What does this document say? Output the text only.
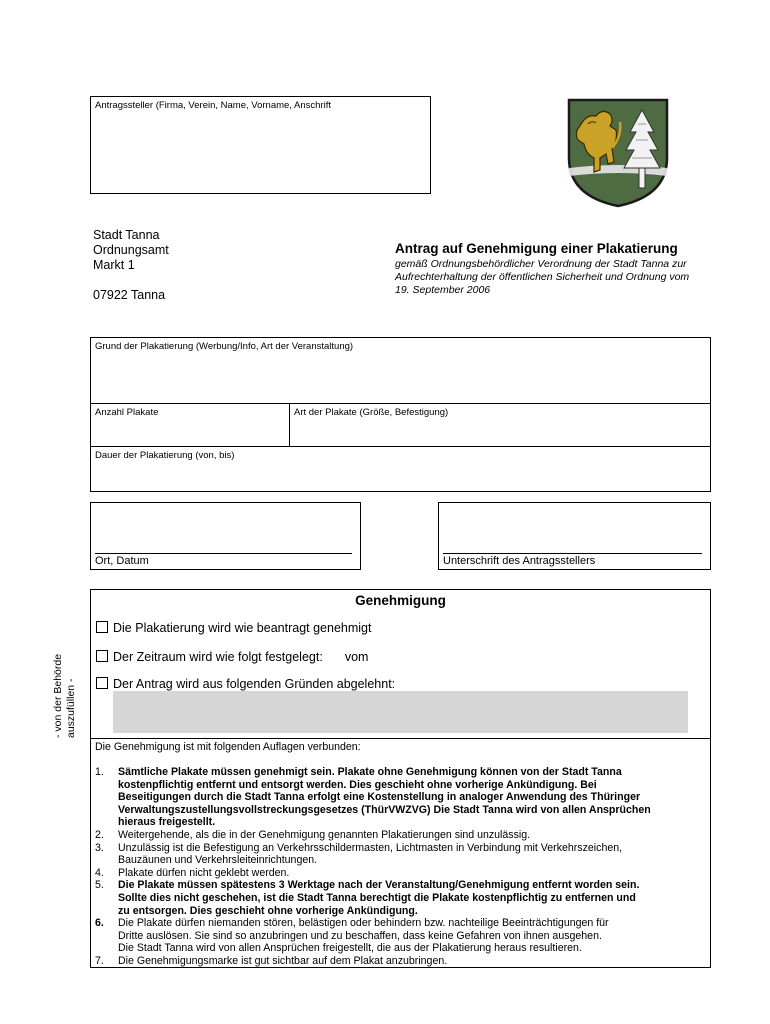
Antragssteller (Firma, Verein, Name, Vorname, Anschrift
Stadt Tanna
Ordnungsamt
Markt 1
07922 Tanna
Antrag auf Genehmigung einer Plakatierung
gemäß Ordnungsbehördlicher Verordnung der Stadt Tanna zur
Aufrechterhaltung der öffentlichen Sicherheit und Ordnung vom
19. September 2006
Grund der Plakatierung (Werbung/Info, Art der Veranstaltung)
Anzahl Plakate	Art der Plakate (Größe, Befestigung)
Dauer der Plakatierung (von, bis)
Ort, Datum	Unterschrift des Antragsstellers
- von der Behörde auszufüllen -
Genehmigung
Die Plakatierung wird wie beantragt genehmigt
Der Zeitraum wird wie folgt festgelegt: vom
Der Antrag wird aus folgenden Gründen abgelehnt:
Die Genehmigung ist mit folgenden Auflagen verbunden:
1.	Sämtliche Plakate müssen genehmigt sein. Plakate ohne Genehmigung können von der Stadt Tanna
kostenpflichtig entfernt und entsorgt werden. Dies geschieht ohne vorherige Ankündigung. Bei
Beseitigungen durch die Stadt Tanna erfolgt eine Kostenstellung in analoger Anwendung des Thüringer
Verwaltungszustellungsvollstreckungsgesetzes (ThürVWZVG) Die Stadt Tanna wird von allen Ansprüchen
hieraus freigestellt.
2.	Weitergehende, als die in der Genehmigung genannten Plakatierungen sind unzulässig.
3.	Unzulässig ist die Befestigung an Verkehrsschildermasten, Lichtmasten in Verbindung mit Verkehrszeichen,
Bauzäunen und Verkehrsleiteinrichtungen.
4.	Plakate dürfen nicht geklebt werden.
5.	Die Plakate müssen spätestens 3 Werktage nach der Veranstaltung/Genehmigung entfernt worden sein.
Sollte dies nicht geschehen, ist die Stadt Tanna berechtigt die Plakate kostenpflichtig zu entfernen und
zu entsorgen. Dies geschieht ohne vorherige Ankündigung.
6.	Die Plakate dürfen niemanden stören, belästigen oder behindern bzw. nachteilige Beeinträchtigungen für
Dritte auslösen. Sie sind so anzubringen und zu beschaffen, dass keine Gefahren von ihnen ausgehen.
Die Stadt Tanna wird von allen Ansprüchen freigestellt, die aus der Plakatierung heraus resultieren.
7.	Die Genehmigungsmarke ist gut sichtbar auf dem Plakat anzubringen.
